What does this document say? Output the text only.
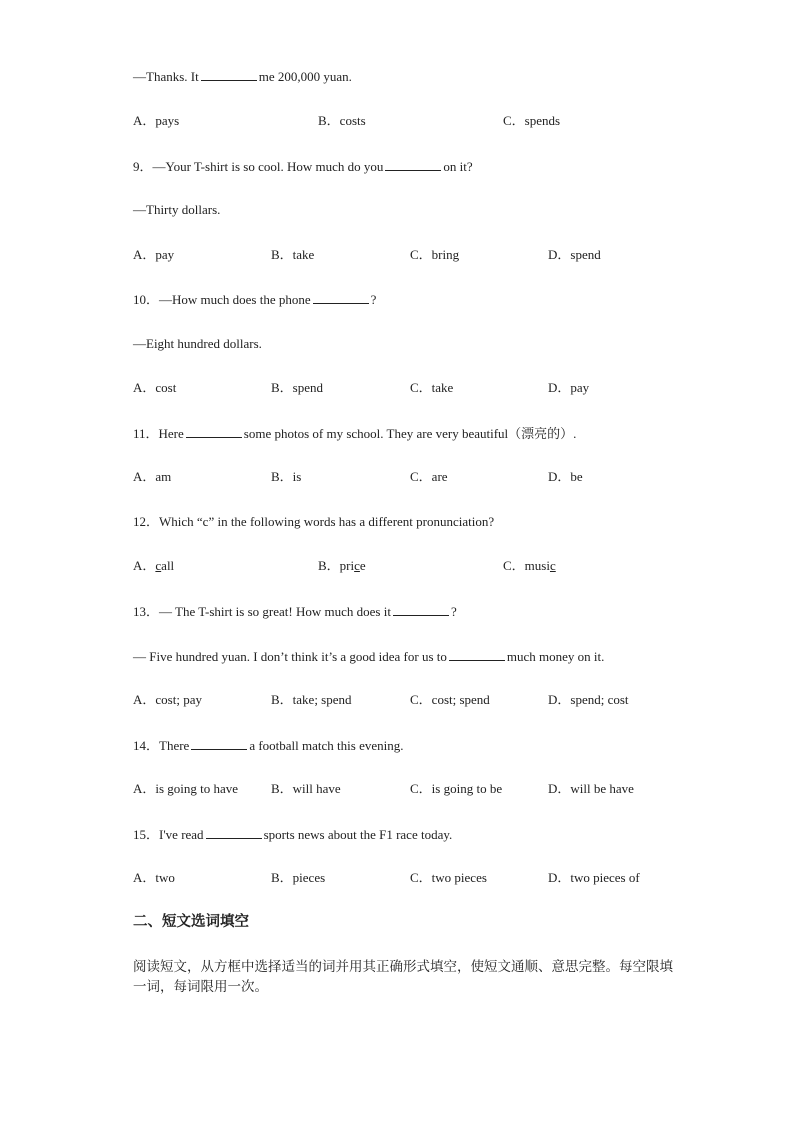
—Thanks. It	me 200,000 yuan.
A．pays	B．costs	C．spends
9．—Your T-shirt is so cool. How much do you	on it?
—Thirty dollars.
A．pay	B．take	C．bring	D．spend
10．—How much does the phone	?
—Eight hundred dollars.
A．cost	B．spend	C．take	D．pay
11．Here	some photos of my school. They are very beautiful（漂亮的）.
A．am	B．is	C．are	D．be
12．Which “c” in the following words has a different pronunciation?
A．call	B．price	C．music
13．— The T-shirt is so great! How much does it	?
— Five hundred yuan. I don’t think it’s a good idea for us to	much money on it.
A．cost; pay	B．take; spend	C．cost; spend	D．spend; cost
14．There	a football match this evening.
A．is going to have	B．will have	C．is going to be	D．will be have
15．I've read	sports news about the F1 race today.
A．two	B．pieces	C．two pieces	D．two pieces of
二、短文选词填空
阅读短文，从方框中选择适当的词并用其正确形式填空，使短文通顺、意思完整。每空限填一词，每词限用一次。
